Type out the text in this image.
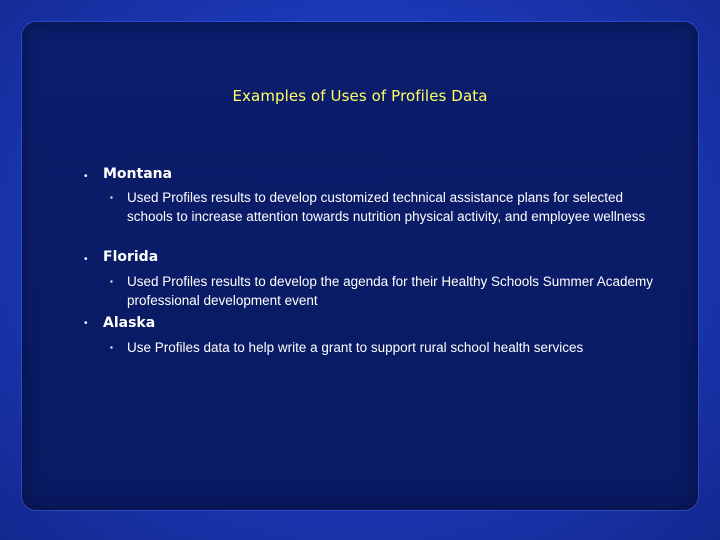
Examples of Uses of Profiles Data
• Montana
▪ Used Profiles results to develop customized technical assistance plans for selected schools to increase attention towards nutrition physical activity, and employee wellness
• Florida
▪ Used Profiles results to develop the agenda for their Healthy Schools Summer Academy professional development event
• Alaska
▪ Use Profiles data to help write a grant to support rural school health services
